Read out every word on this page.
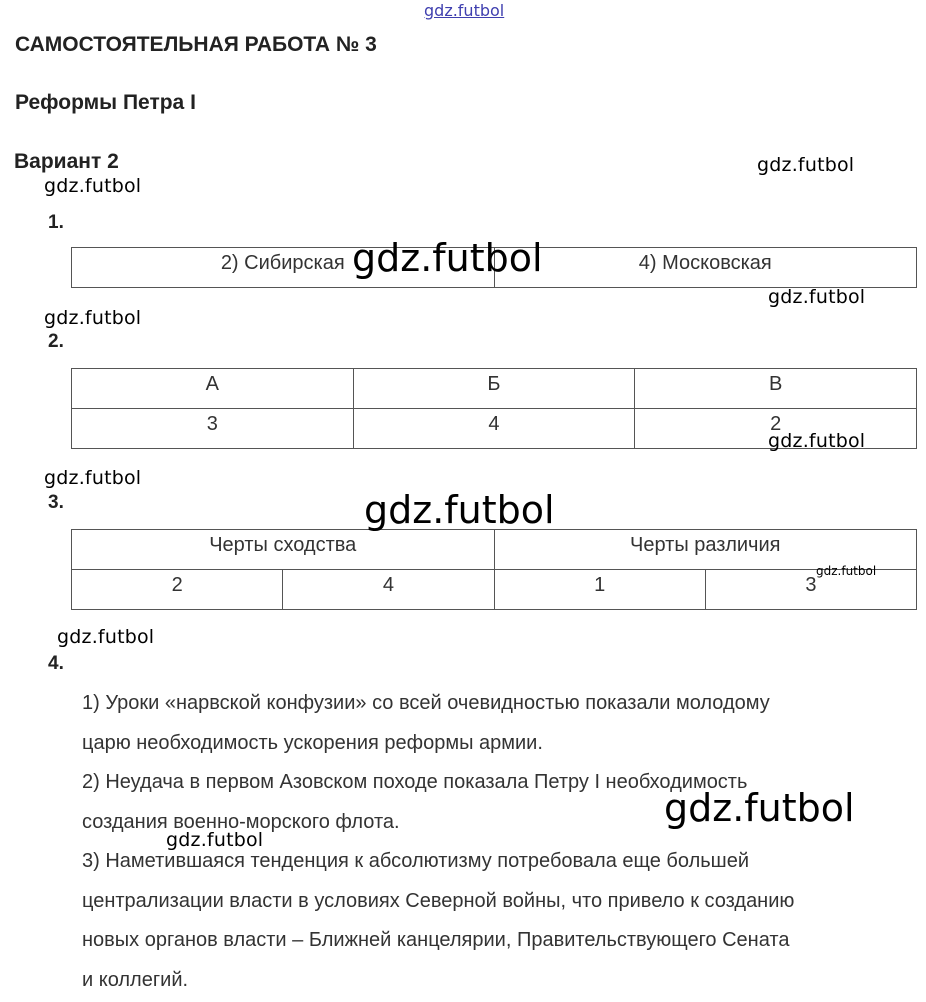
gdz.futbol
gdz.futbol
gdz.futbol
gdz.futbol
gdz.futbol
gdz.futbol
gdz.futbol
САМОСТОЯТЕЛЬНАЯ РАБОТА № 3
Реформы Петра I
Вариант 2
1.
2) Сибирская	4) Московская
2.
А	Б	В
3	4	2
gdz.futbol
3.
Черты сходства		Черты различия	
2	4	1	3
gdz.futbol
4.

1) Уроки «нарвской конфузии» со всей очевидностью показали молодому

царю необходимость ускорения реформы армии.

2) Неудача в первом Азовском походе показала Петру I необходимость

создания военно-морского флота.

3) Наметившаяся тенденция к абсолютизму потребовала еще большей

централизации власти в условиях Северной войны, что привело к созданию

новых органов власти – Ближней канцелярии, Правительствующего Сената

и коллегий.

gdz.futbol
gdz.futbol
gdz.futbol
gdz.futbol
